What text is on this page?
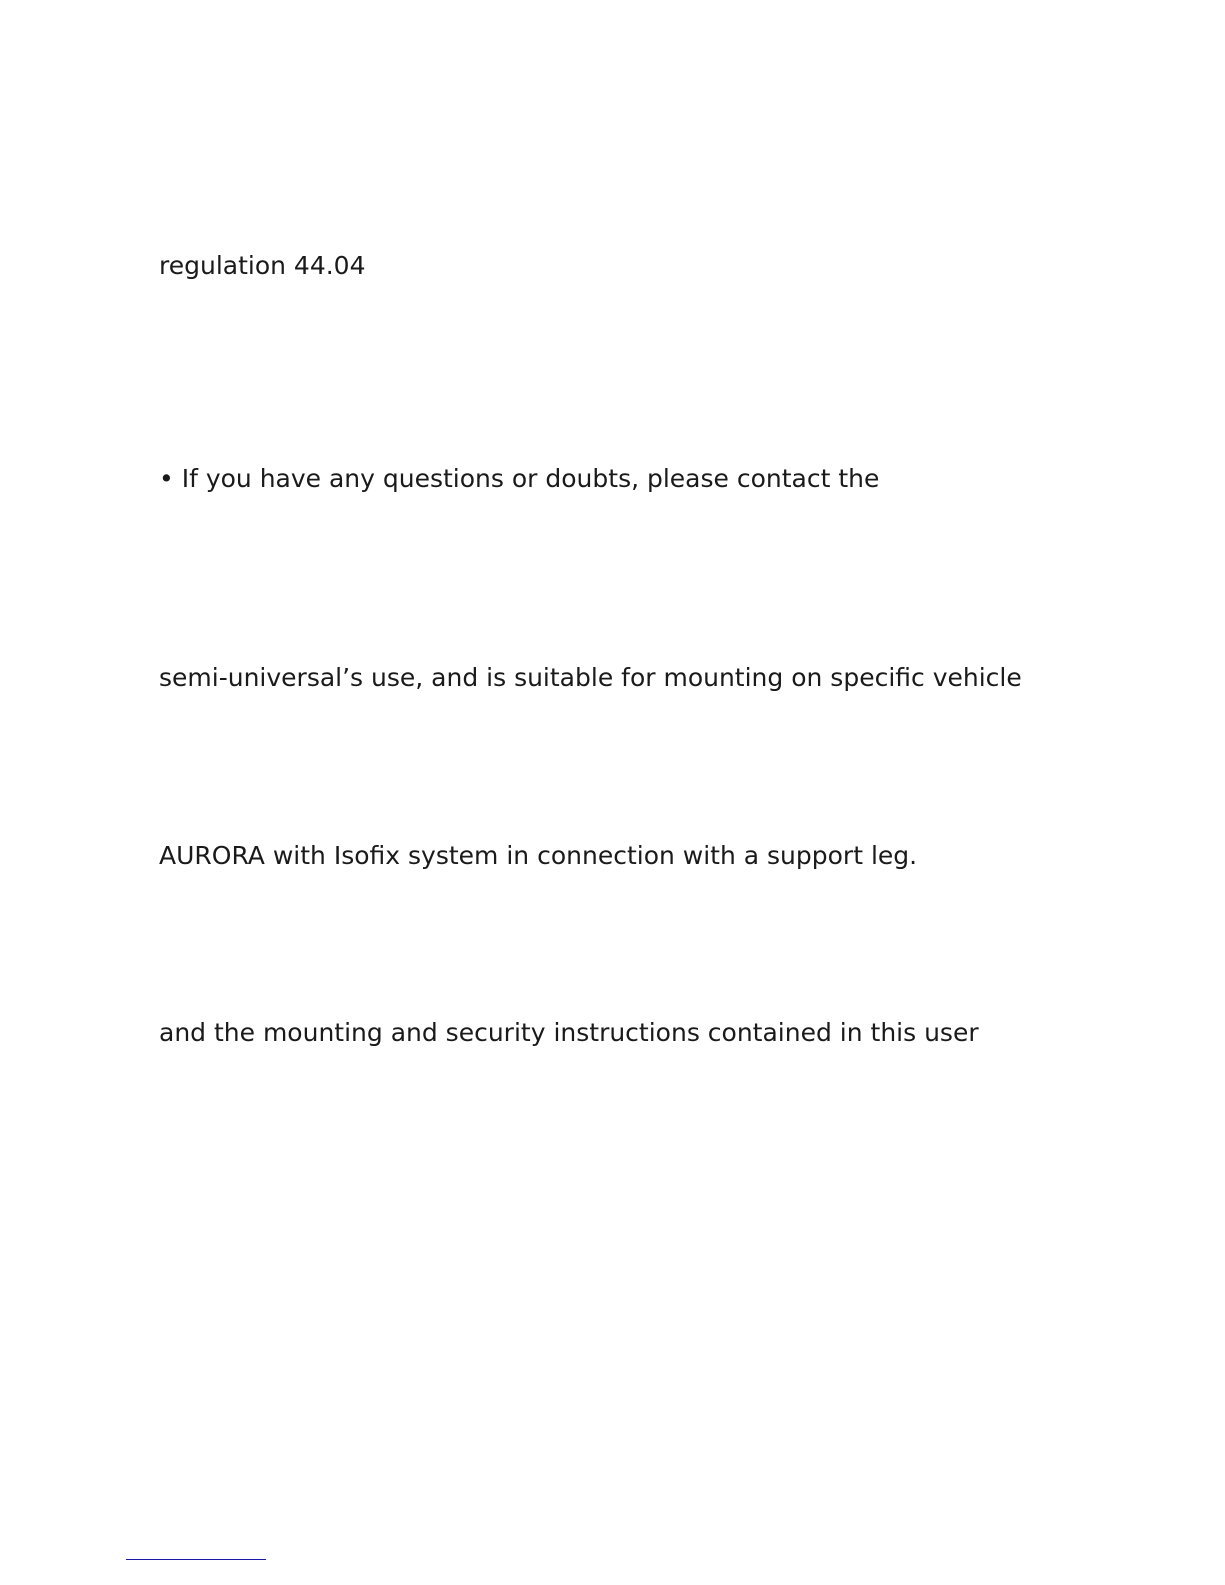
regulation 44.04

• If you have any questions or doubts, please contact the

semi-universal’s use, and is suitable for mounting on specific vehicle

AURORA with Isofix system in connection with a support leg.

and the mounting and security instructions contained in this user
